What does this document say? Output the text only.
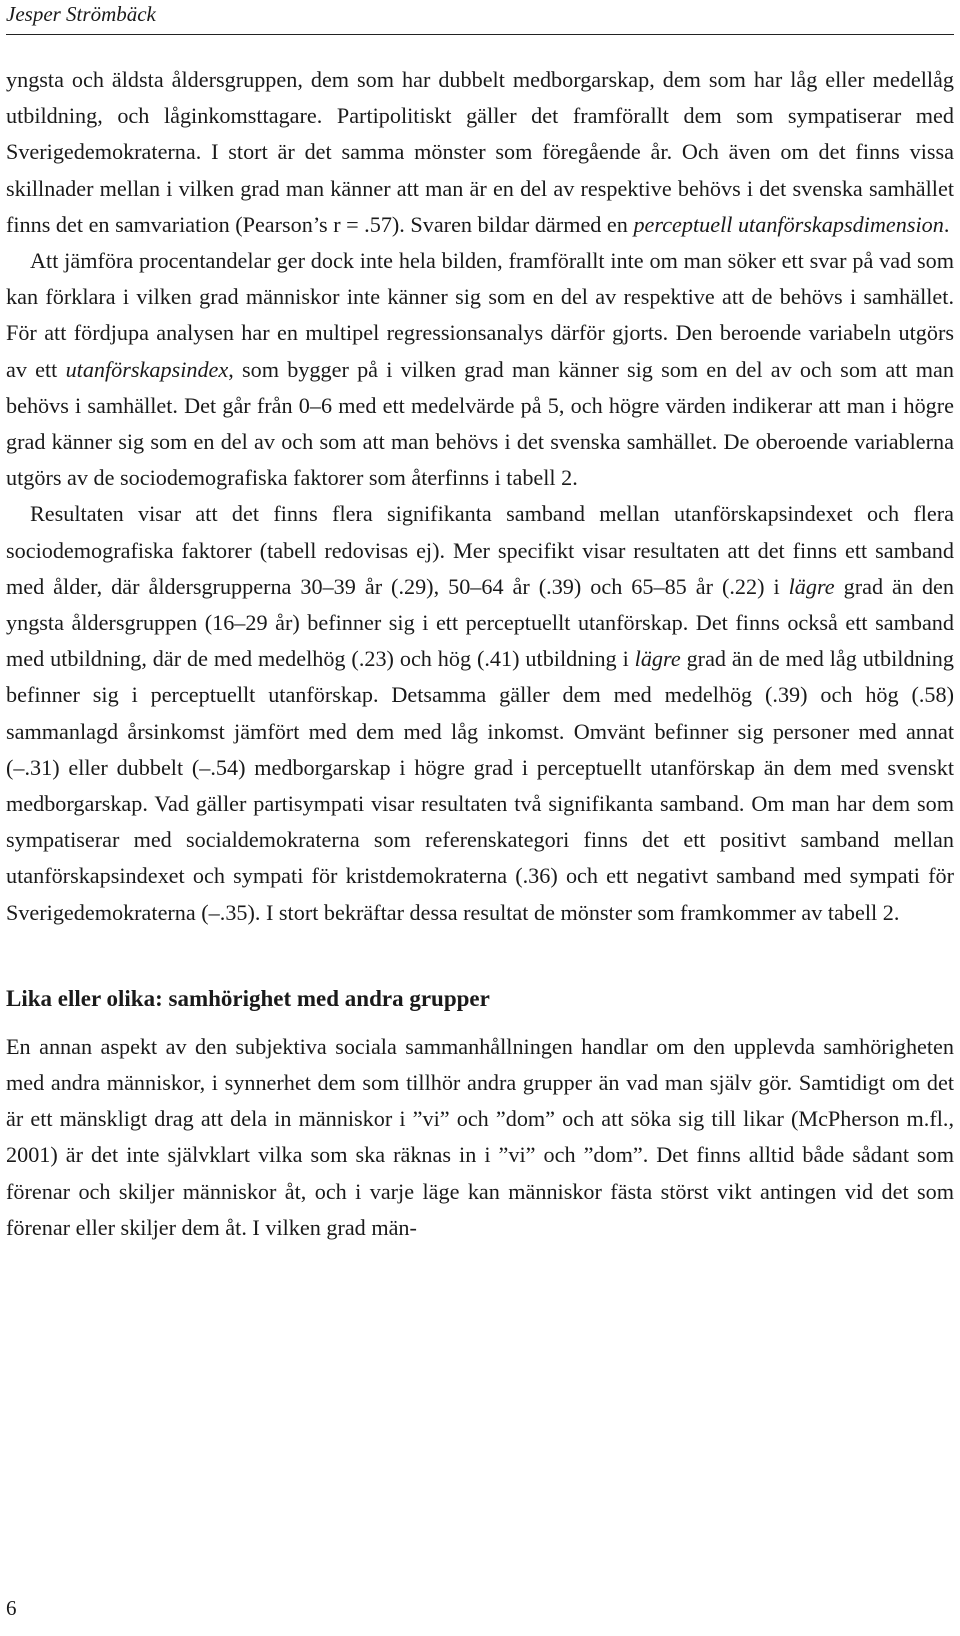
Jesper Strömbäck

yngsta och äldsta åldersgruppen, dem som har dubbelt medborgarskap, dem som har låg eller medellåg utbildning, och låginkomsttagare. Partipolitiskt gäller det framförallt dem som sympatiserar med Sverigedemokraterna. I stort är det samma mönster som föregående år. Och även om det finns vissa skillnader mellan i vilken grad man känner att man är en del av respektive behövs i det svenska samhället finns det en samvariation (Pearson’s r = .57). Svaren bildar därmed en perceptuell utanförskapsdimension.

Att jämföra procentandelar ger dock inte hela bilden, framförallt inte om man söker ett svar på vad som kan förklara i vilken grad människor inte känner sig som en del av respektive att de behövs i samhället. För att fördjupa analysen har en multipel regressionsanalys därför gjorts. Den beroende variabeln utgörs av ett utanförskapsindex, som bygger på i vilken grad man känner sig som en del av och som att man behövs i samhället. Det går från 0–6 med ett medelvärde på 5, och högre värden indikerar att man i högre grad känner sig som en del av och som att man behövs i det svenska samhället. De oberoende variablerna utgörs av de sociodemografiska faktorer som återfinns i tabell 2.

Resultaten visar att det finns flera signifikanta samband mellan utanförskapsindexet och flera sociodemografiska faktorer (tabell redovisas ej). Mer specifikt visar resultaten att det finns ett samband med ålder, där åldersgrupperna 30–39 år (.29), 50–64 år (.39) och 65–85 år (.22) i lägre grad än den yngsta åldersgruppen (16–29 år) befinner sig i ett perceptuellt utanförskap. Det finns också ett samband med utbildning, där de med medelhög (.23) och hög (.41) utbildning i lägre grad än de med låg utbildning befinner sig i perceptuellt utanförskap. Detsamma gäller dem med medelhög (.39) och hög (.58) sammanlagd årsinkomst jämfört med dem med låg inkomst. Omvänt befinner sig personer med annat (–.31) eller dubbelt (–.54) medborgarskap i högre grad i perceptuellt utanförskap än dem med svenskt medborgarskap. Vad gäller partisympati visar resultaten två signifikanta samband. Om man har dem som sympatiserar med socialdemokraterna som referenskategori finns det ett positivt samband mellan utanförskapsindexet och sympati för kristdemokraterna (.36) och ett negativt samband med sympati för Sverigedemokraterna (–.35). I stort bekräftar dessa resultat de mönster som framkommer av tabell 2.

Lika eller olika: samhörighet med andra grupper

En annan aspekt av den subjektiva sociala sammanhållningen handlar om den upplevda samhörigheten med andra människor, i synnerhet dem som tillhör andra grupper än vad man själv gör. Samtidigt om det är ett mänskligt drag att dela in människor i ”vi” och ”dom” och att söka sig till likar (McPherson m.fl., 2001) är det inte självklart vilka som ska räknas in i ”vi” och ”dom”. Det finns alltid både sådant som förenar och skiljer människor åt, och i varje läge kan människor fästa störst vikt antingen vid det som förenar eller skiljer dem åt. I vilken grad män-

6
